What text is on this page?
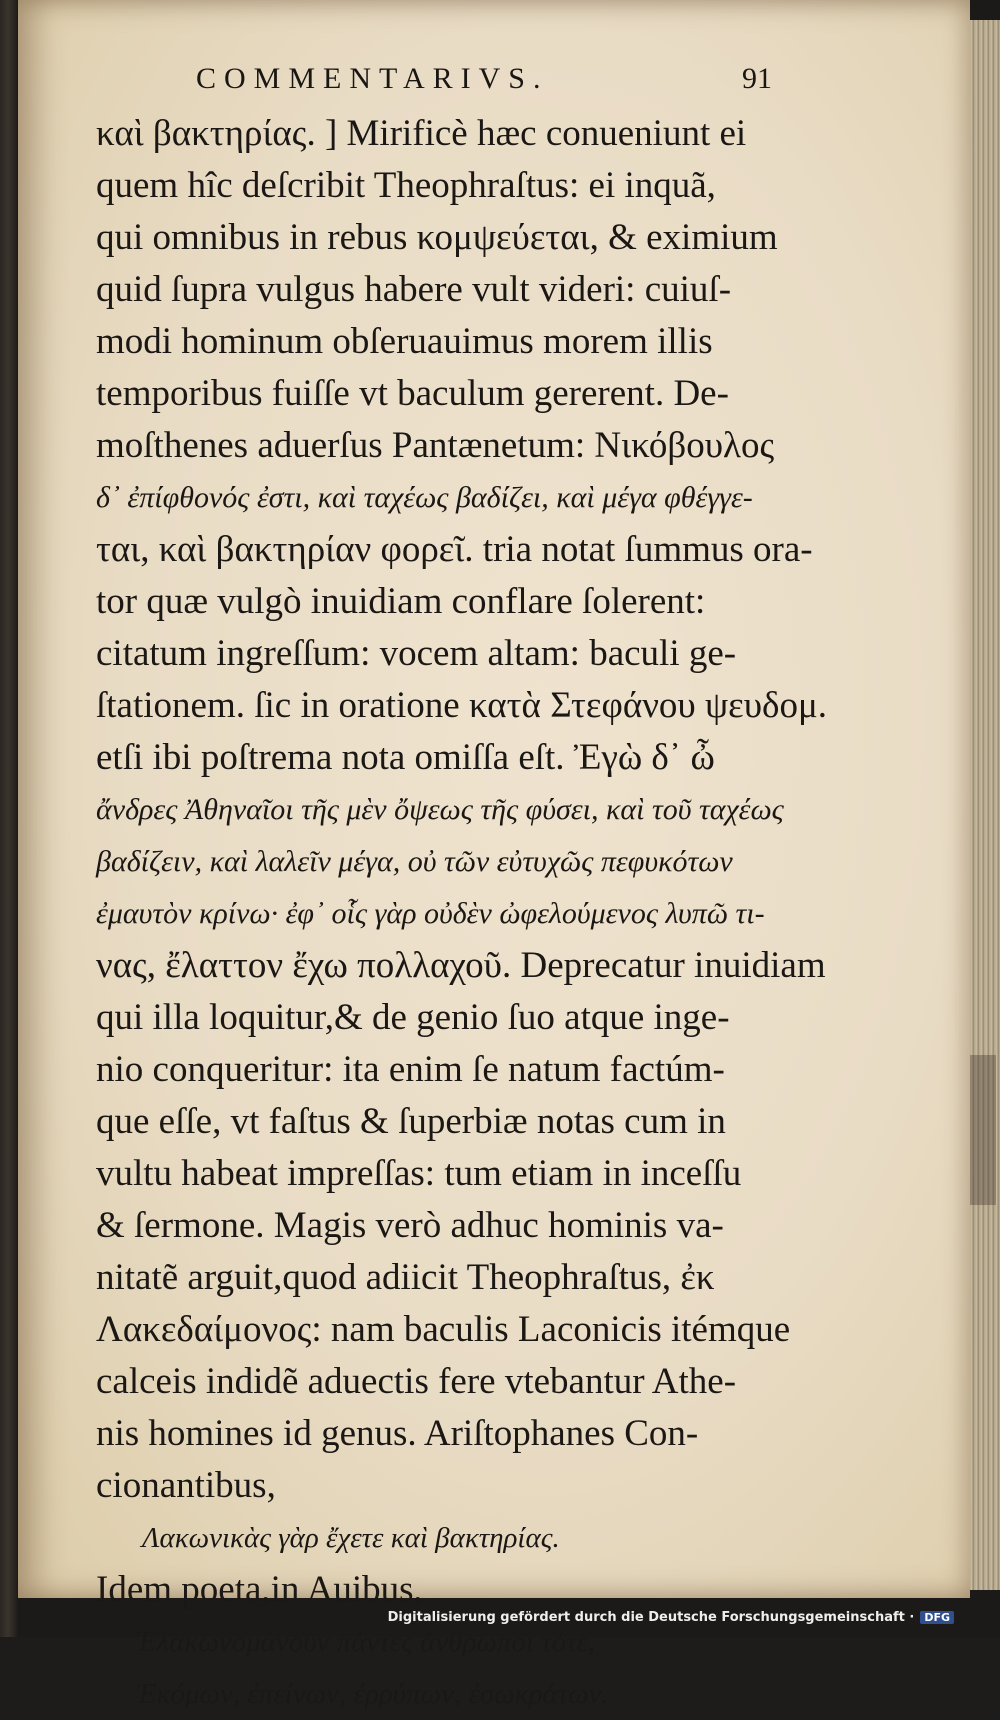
COMMENTARIVS.	91
καὶ βακτηρίας. ] Mirificè hæc conueniunt ei
quem hîc deſcribit Theophraſtus: ei inquã,
qui omnibus in rebus κομψεύεται, & eximium
quid ſupra vulgus habere vult videri: cuiuſ-
modi hominum obſeruauimus morem illis
temporibus fuiſſe vt baculum gererent. De-
moſthenes aduerſus Pantænetum: Νικόβουλος
δ᾽ ἐπίφθονός ἐστι, καὶ ταχέως βαδίζει, καὶ μέγα φθέγγε-
ται, καὶ βακτηρίαν φορεῖ. tria notat ſummus ora-
tor quæ vulgò inuidiam conflare ſolerent:
citatum ingreſſum: vocem altam: baculi ge-
ſtationem. ſic in oratione κατὰ Στεφάνου ψευδομ.
etſi ibi poſtrema nota omiſſa eſt. Ἐγὼ δ᾽ ὦ
ἄνδρες Ἀθηναῖοι τῆς μὲν ὄψεως τῆς φύσει, καὶ τοῦ ταχέως
βαδίζειν, καὶ λαλεῖν μέγα, οὐ τῶν εὐτυχῶς πεφυκότων
ἐμαυτὸν κρίνω· ἐφ᾽ οἷς γὰρ οὐδὲν ὠφελούμενος λυπῶ τι-
νας, ἔλαττον ἔχω πολλαχοῦ. Deprecatur inuidiam
qui illa loquitur,& de genio ſuo atque inge-
nio conqueritur: ita enim ſe natum factúm-
que eſſe, vt faſtus & ſuperbiæ notas cum in
vultu habeat impreſſas: tum etiam in inceſſu
& ſermone. Magis verò adhuc hominis va-
nitatẽ arguit,quod adiicit Theophraſtus, ἐκ
Λακεδαίμονος: nam baculis Laconicis itémque
calceis indidẽ aduectis fere vtebantur Athe-
nis homines id genus. Ariſtophanes Con-
cionantibus,
Λακωνικὰς γὰρ ἔχετε καὶ βακτηρίας.
Idem poeta,in Auibus,
Ἐλακωνομάνουν πάντες ἄνθρωποι τότε,
Ἐκόμων, ἐπείνων, ἐρρύπων, ἐσωκράτων.
Digitalisierung gefördert durch die Deutsche Forschungsgemeinschaft · DFG
